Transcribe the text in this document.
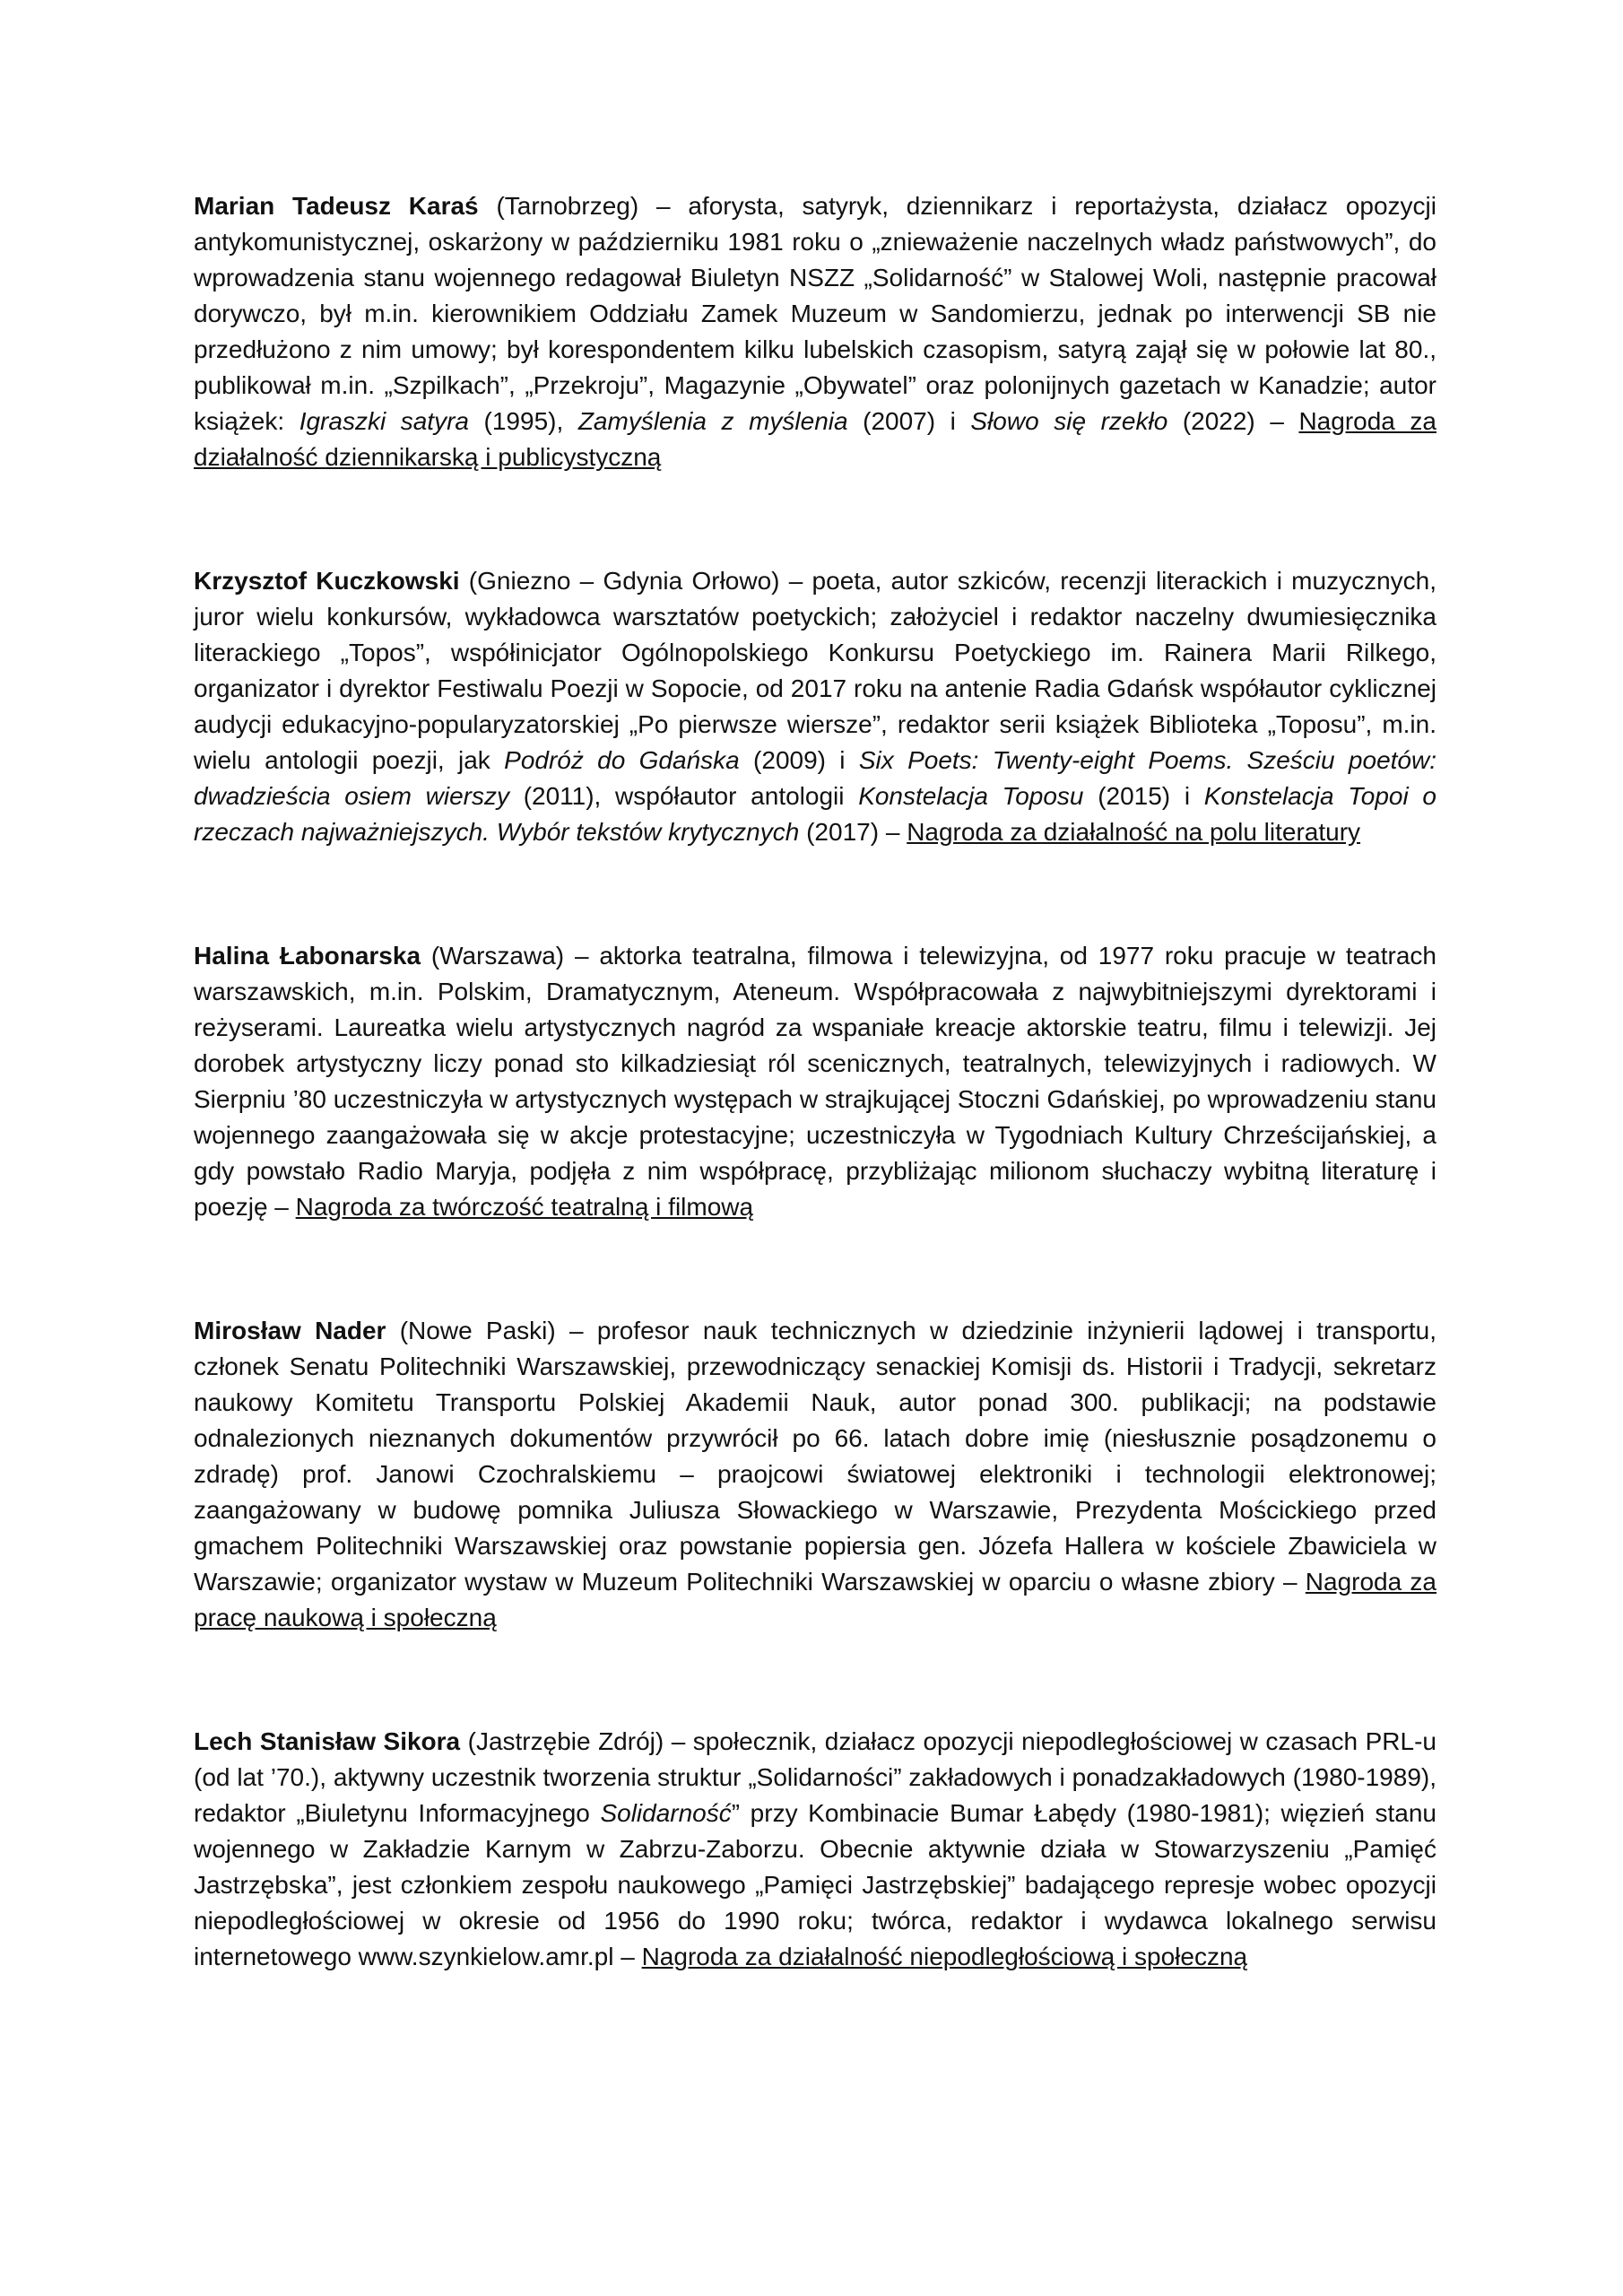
Marian Tadeusz Karaś (Tarnobrzeg) – aforysta, satyryk, dziennikarz i reportażysta, działacz opozycji antykomunistycznej, oskarżony w październiku 1981 roku o „znieważenie naczelnych władz państwowych”, do wprowadzenia stanu wojennego redagował Biuletyn NSZZ „Solidarność” w Stalowej Woli, następnie pracował dorywczo, był m.in. kierownikiem Oddziału Zamek Muzeum w Sandomierzu, jednak po interwencji SB nie przedłużono z nim umowy; był korespondentem kilku lubelskich czasopism, satyrą zajął się w połowie lat 80., publikował m.in. „Szpilkach”, „Przekroju”, Magazynie „Obywatel” oraz polonijnych gazetach w Kanadzie; autor książek: Igraszki satyra (1995), Zamyślenia z myślenia (2007) i Słowo się rzekło (2022) – Nagroda za działalność dziennikarską i publicystyczną

Krzysztof Kuczkowski (Gniezno – Gdynia Orłowo) – poeta, autor szkiców, recenzji literackich i muzycznych, juror wielu konkursów, wykładowca warsztatów poetyckich; założyciel i redaktor naczelny dwumiesięcznika literackiego „Topos”, współinicjator Ogólnopolskiego Konkursu Poetyckiego im. Rainera Marii Rilkego, organizator i dyrektor Festiwalu Poezji w Sopocie, od 2017 roku na antenie Radia Gdańsk współautor cyklicznej audycji edukacyjno-popularyzatorskiej „Po pierwsze wiersze”, redaktor serii książek Biblioteka „Toposu”, m.in. wielu antologii poezji, jak Podróż do Gdańska (2009) i Six Poets: Twenty-eight Poems. Sześciu poetów: dwadzieścia osiem wierszy (2011), współautor antologii Konstelacja Toposu (2015) i Konstelacja Topoi o rzeczach najważniejszych. Wybór tekstów krytycznych (2017) – Nagroda za działalność na polu literatury

Halina Łabonarska (Warszawa) – aktorka teatralna, filmowa i telewizyjna, od 1977 roku pracuje w teatrach warszawskich, m.in. Polskim, Dramatycznym, Ateneum. Współpracowała z najwybitniejszymi dyrektorami i reżyserami. Laureatka wielu artystycznych nagród za wspaniałe kreacje aktorskie teatru, filmu i telewizji. Jej dorobek artystyczny liczy ponad sto kilkadziesiąt ról scenicznych, teatralnych, telewizyjnych i radiowych. W Sierpniu ’80 uczestniczyła w artystycznych występach w strajkującej Stoczni Gdańskiej, po wprowadzeniu stanu wojennego zaangażowała się w akcje protestacyjne; uczestniczyła w Tygodniach Kultury Chrześcijańskiej, a gdy powstało Radio Maryja, podjęła z nim współpracę, przybliżając milionom słuchaczy wybitną literaturę i poezję – Nagroda za twórczość teatralną i filmową

Mirosław Nader (Nowe Paski) – profesor nauk technicznych w dziedzinie inżynierii lądowej i transportu, członek Senatu Politechniki Warszawskiej, przewodniczący senackiej Komisji ds. Historii i Tradycji, sekretarz naukowy Komitetu Transportu Polskiej Akademii Nauk, autor ponad 300. publikacji; na podstawie odnalezionych nieznanych dokumentów przywrócił po 66. latach dobre imię (niesłusznie posądzonemu o zdradę) prof. Janowi Czochralskiemu – praojcowi światowej elektroniki i technologii elektronowej; zaangażowany w budowę pomnika Juliusza Słowackiego w Warszawie, Prezydenta Mościckiego przed gmachem Politechniki Warszawskiej oraz powstanie popiersia gen. Józefa Hallera w kościele Zbawiciela w Warszawie; organizator wystaw w Muzeum Politechniki Warszawskiej w oparciu o własne zbiory – Nagroda za pracę naukową i społeczną

Lech Stanisław Sikora (Jastrzębie Zdrój) – społecznik, działacz opozycji niepodległościowej w czasach PRL-u (od lat ’70.), aktywny uczestnik tworzenia struktur „Solidarności” zakładowych i ponadzakładowych (1980-1989), redaktor „Biuletynu Informacyjnego Solidarność” przy Kombinacie Bumar Łabędy (1980-1981); więzień stanu wojennego w Zakładzie Karnym w Zabrzu-Zaborzu. Obecnie aktywnie działa w Stowarzyszeniu „Pamięć Jastrzębska”, jest członkiem zespołu naukowego „Pamięci Jastrzębskiej” badającego represje wobec opozycji niepodległościowej w okresie od 1956 do 1990 roku; twórca, redaktor i wydawca lokalnego serwisu internetowego www.szynkielow.amr.pl – Nagroda za działalność niepodległościową i społeczną
